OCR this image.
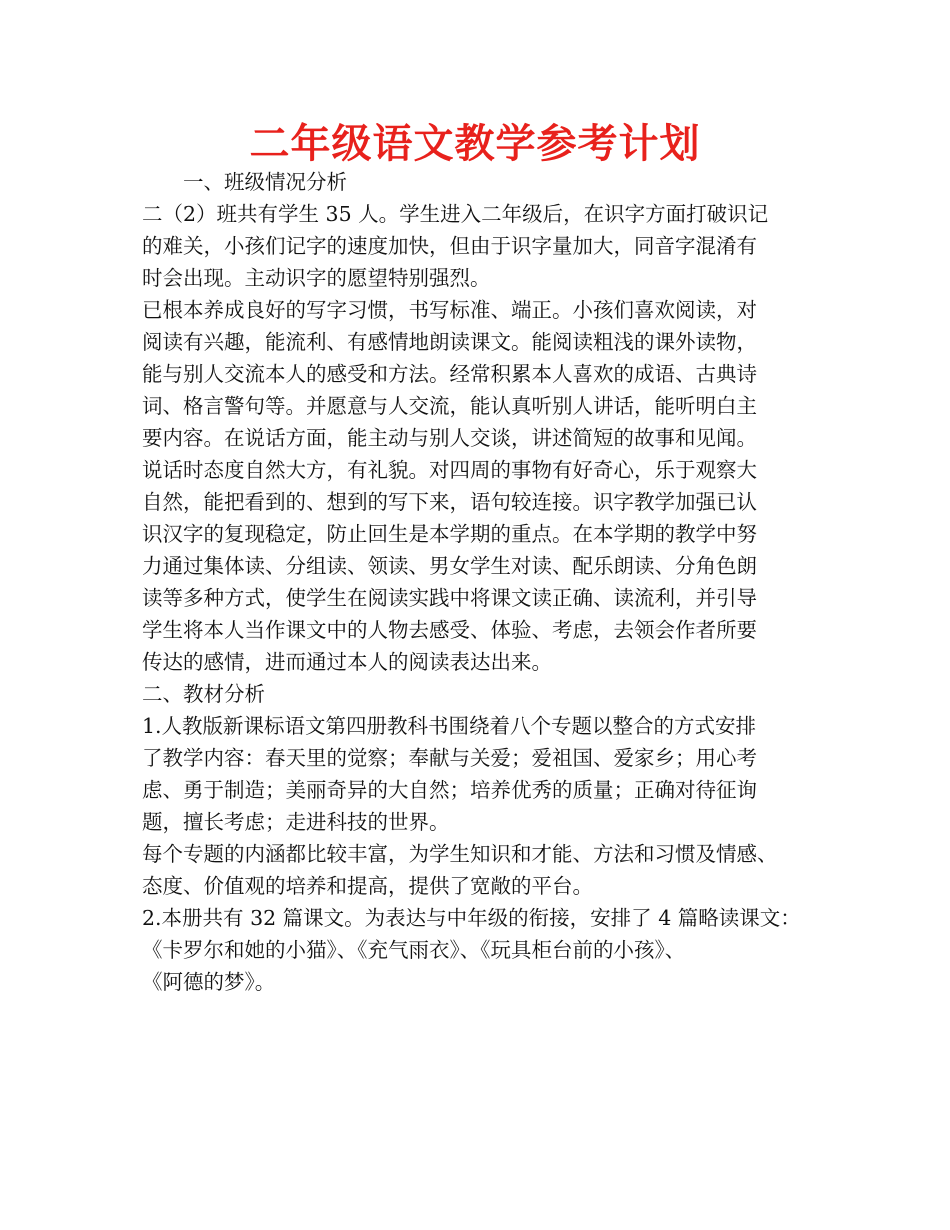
二年级语文教学参考计划
一、班级情况分析
二（2）班共有学生 35 人。学生进入二年级后，在识字方面打破识记
的难关，小孩们记字的速度加快，但由于识字量加大，同音字混淆有
时会出现。主动识字的愿望特别强烈。
已根本养成良好的写字习惯，书写标准、端正。小孩们喜欢阅读，对
阅读有兴趣，能流利、有感情地朗读课文。能阅读粗浅的课外读物，
能与别人交流本人的感受和方法。经常积累本人喜欢的成语、古典诗
词、格言警句等。并愿意与人交流，能认真听别人讲话，能听明白主
要内容。在说话方面，能主动与别人交谈，讲述简短的故事和见闻。
说话时态度自然大方，有礼貌。对四周的事物有好奇心，乐于观察大
自然，能把看到的、想到的写下来，语句较连接。识字教学加强已认
识汉字的复现稳定，防止回生是本学期的重点。在本学期的教学中努
力通过集体读、分组读、领读、男女学生对读、配乐朗读、分角色朗
读等多种方式，使学生在阅读实践中将课文读正确、读流利，并引导
学生将本人当作课文中的人物去感受、体验、考虑，去领会作者所要
传达的感情，进而通过本人的阅读表达出来。
二、教材分析
1.人教版新课标语文第四册教科书围绕着八个专题以整合的方式安排
了教学内容：春天里的觉察；奉献与关爱；爱祖国、爱家乡；用心考
虑、勇于制造；美丽奇异的大自然；培养优秀的质量；正确对待征询
题，擅长考虑；走进科技的世界。
每个专题的内涵都比较丰富，为学生知识和才能、方法和习惯及情感、
态度、价值观的培养和提高，提供了宽敞的平台。
2.本册共有 32 篇课文。为表达与中年级的衔接，安排了 4 篇略读课文：
《卡罗尔和她的小猫》、《充气雨衣》、《玩具柜台前的小孩》、
《阿德的梦》。
